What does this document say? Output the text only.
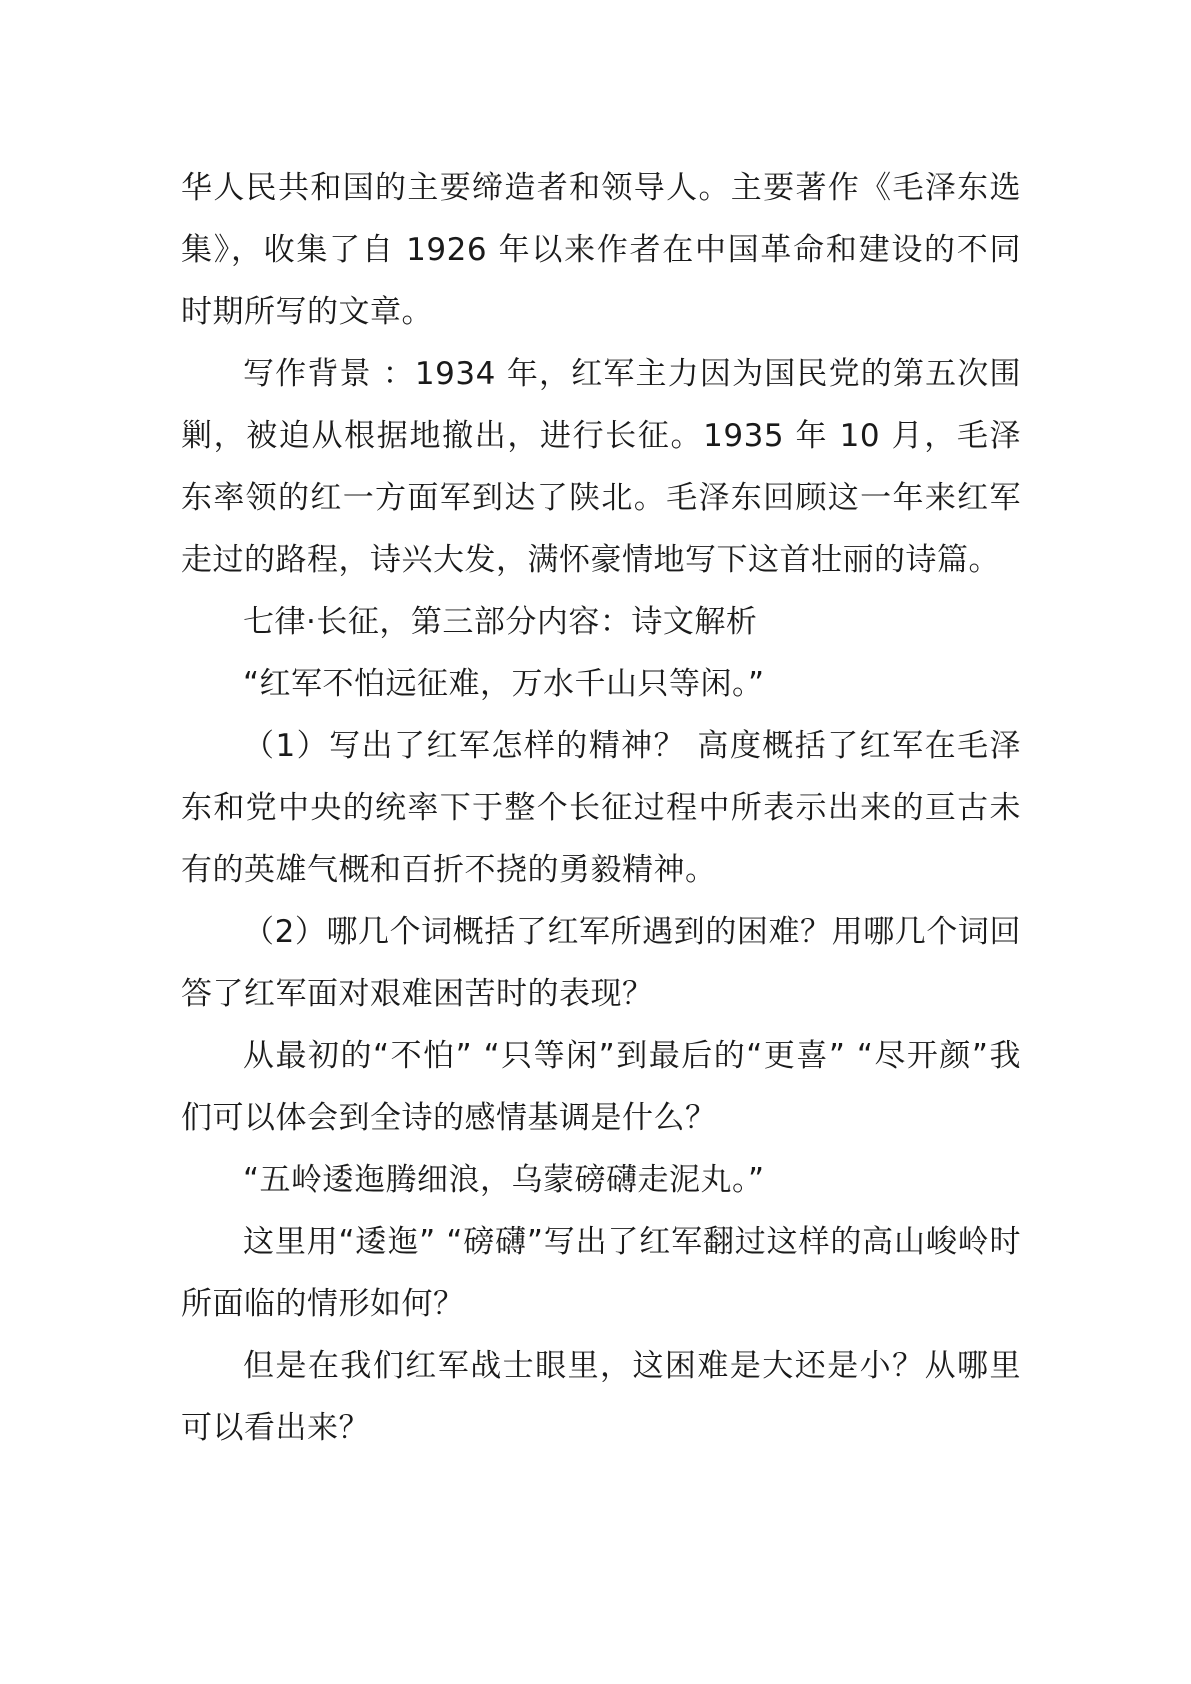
华人民共和国的主要缔造者和领导人。主要著作《毛泽东选集》，收集了自 1926 年以来作者在中国革命和建设的不同时期所写的文章。

写作背景 ：1934 年，红军主力因为国民党的第五次围剿，被迫从根据地撤出，进行长征。1935 年 10 月，毛泽东率领的红一方面军到达了陕北。毛泽东回顾这一年来红军走过的路程，诗兴大发，满怀豪情地写下这首壮丽的诗篇。

七律·长征，第三部分内容：诗文解析

“红军不怕远征难，万水千山只等闲。”

（1）写出了红军怎样的精神？ 高度概括了红军在毛泽东和党中央的统率下于整个长征过程中所表示出来的亘古未有的英雄气概和百折不挠的勇毅精神。

（2）哪几个词概括了红军所遇到的困难？用哪几个词回答了红军面对艰难困苦时的表现？

从最初的“不怕” “只等闲”到最后的“更喜” “尽开颜”我们可以体会到全诗的感情基调是什么？

“五岭逶迤腾细浪，乌蒙磅礴走泥丸。”

这里用“逶迤” “磅礴”写出了红军翻过这样的高山峻岭时所面临的情形如何？

但是在我们红军战士眼里，这困难是大还是小？从哪里可以看出来？
